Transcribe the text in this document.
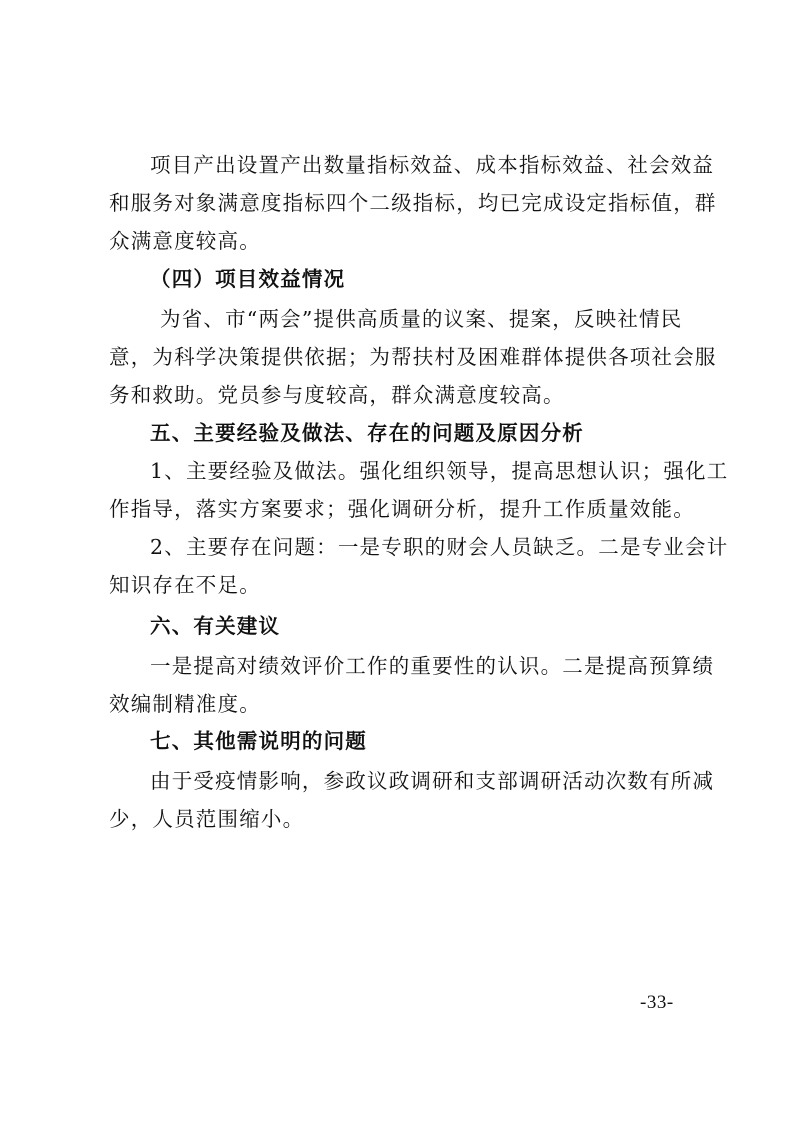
项目产出设置产出数量指标效益、成本指标效益、社会效益
和服务对象满意度指标四个二级指标，均已完成设定指标值，群
众满意度较高。
（四）项目效益情况
为省、市“两会”提供高质量的议案、提案，反映社情民
意，为科学决策提供依据；为帮扶村及困难群体提供各项社会服
务和救助。党员参与度较高，群众满意度较高。
五、主要经验及做法、存在的问题及原因分析
1、主要经验及做法。强化组织领导，提高思想认识；强化工
作指导，落实方案要求；强化调研分析，提升工作质量效能。
2、主要存在问题：一是专职的财会人员缺乏。二是专业会计
知识存在不足。
六、有关建议
一是提高对绩效评价工作的重要性的认识。二是提高预算绩
效编制精准度。
七、其他需说明的问题
由于受疫情影响，参政议政调研和支部调研活动次数有所减
少，人员范围缩小。
-33-
